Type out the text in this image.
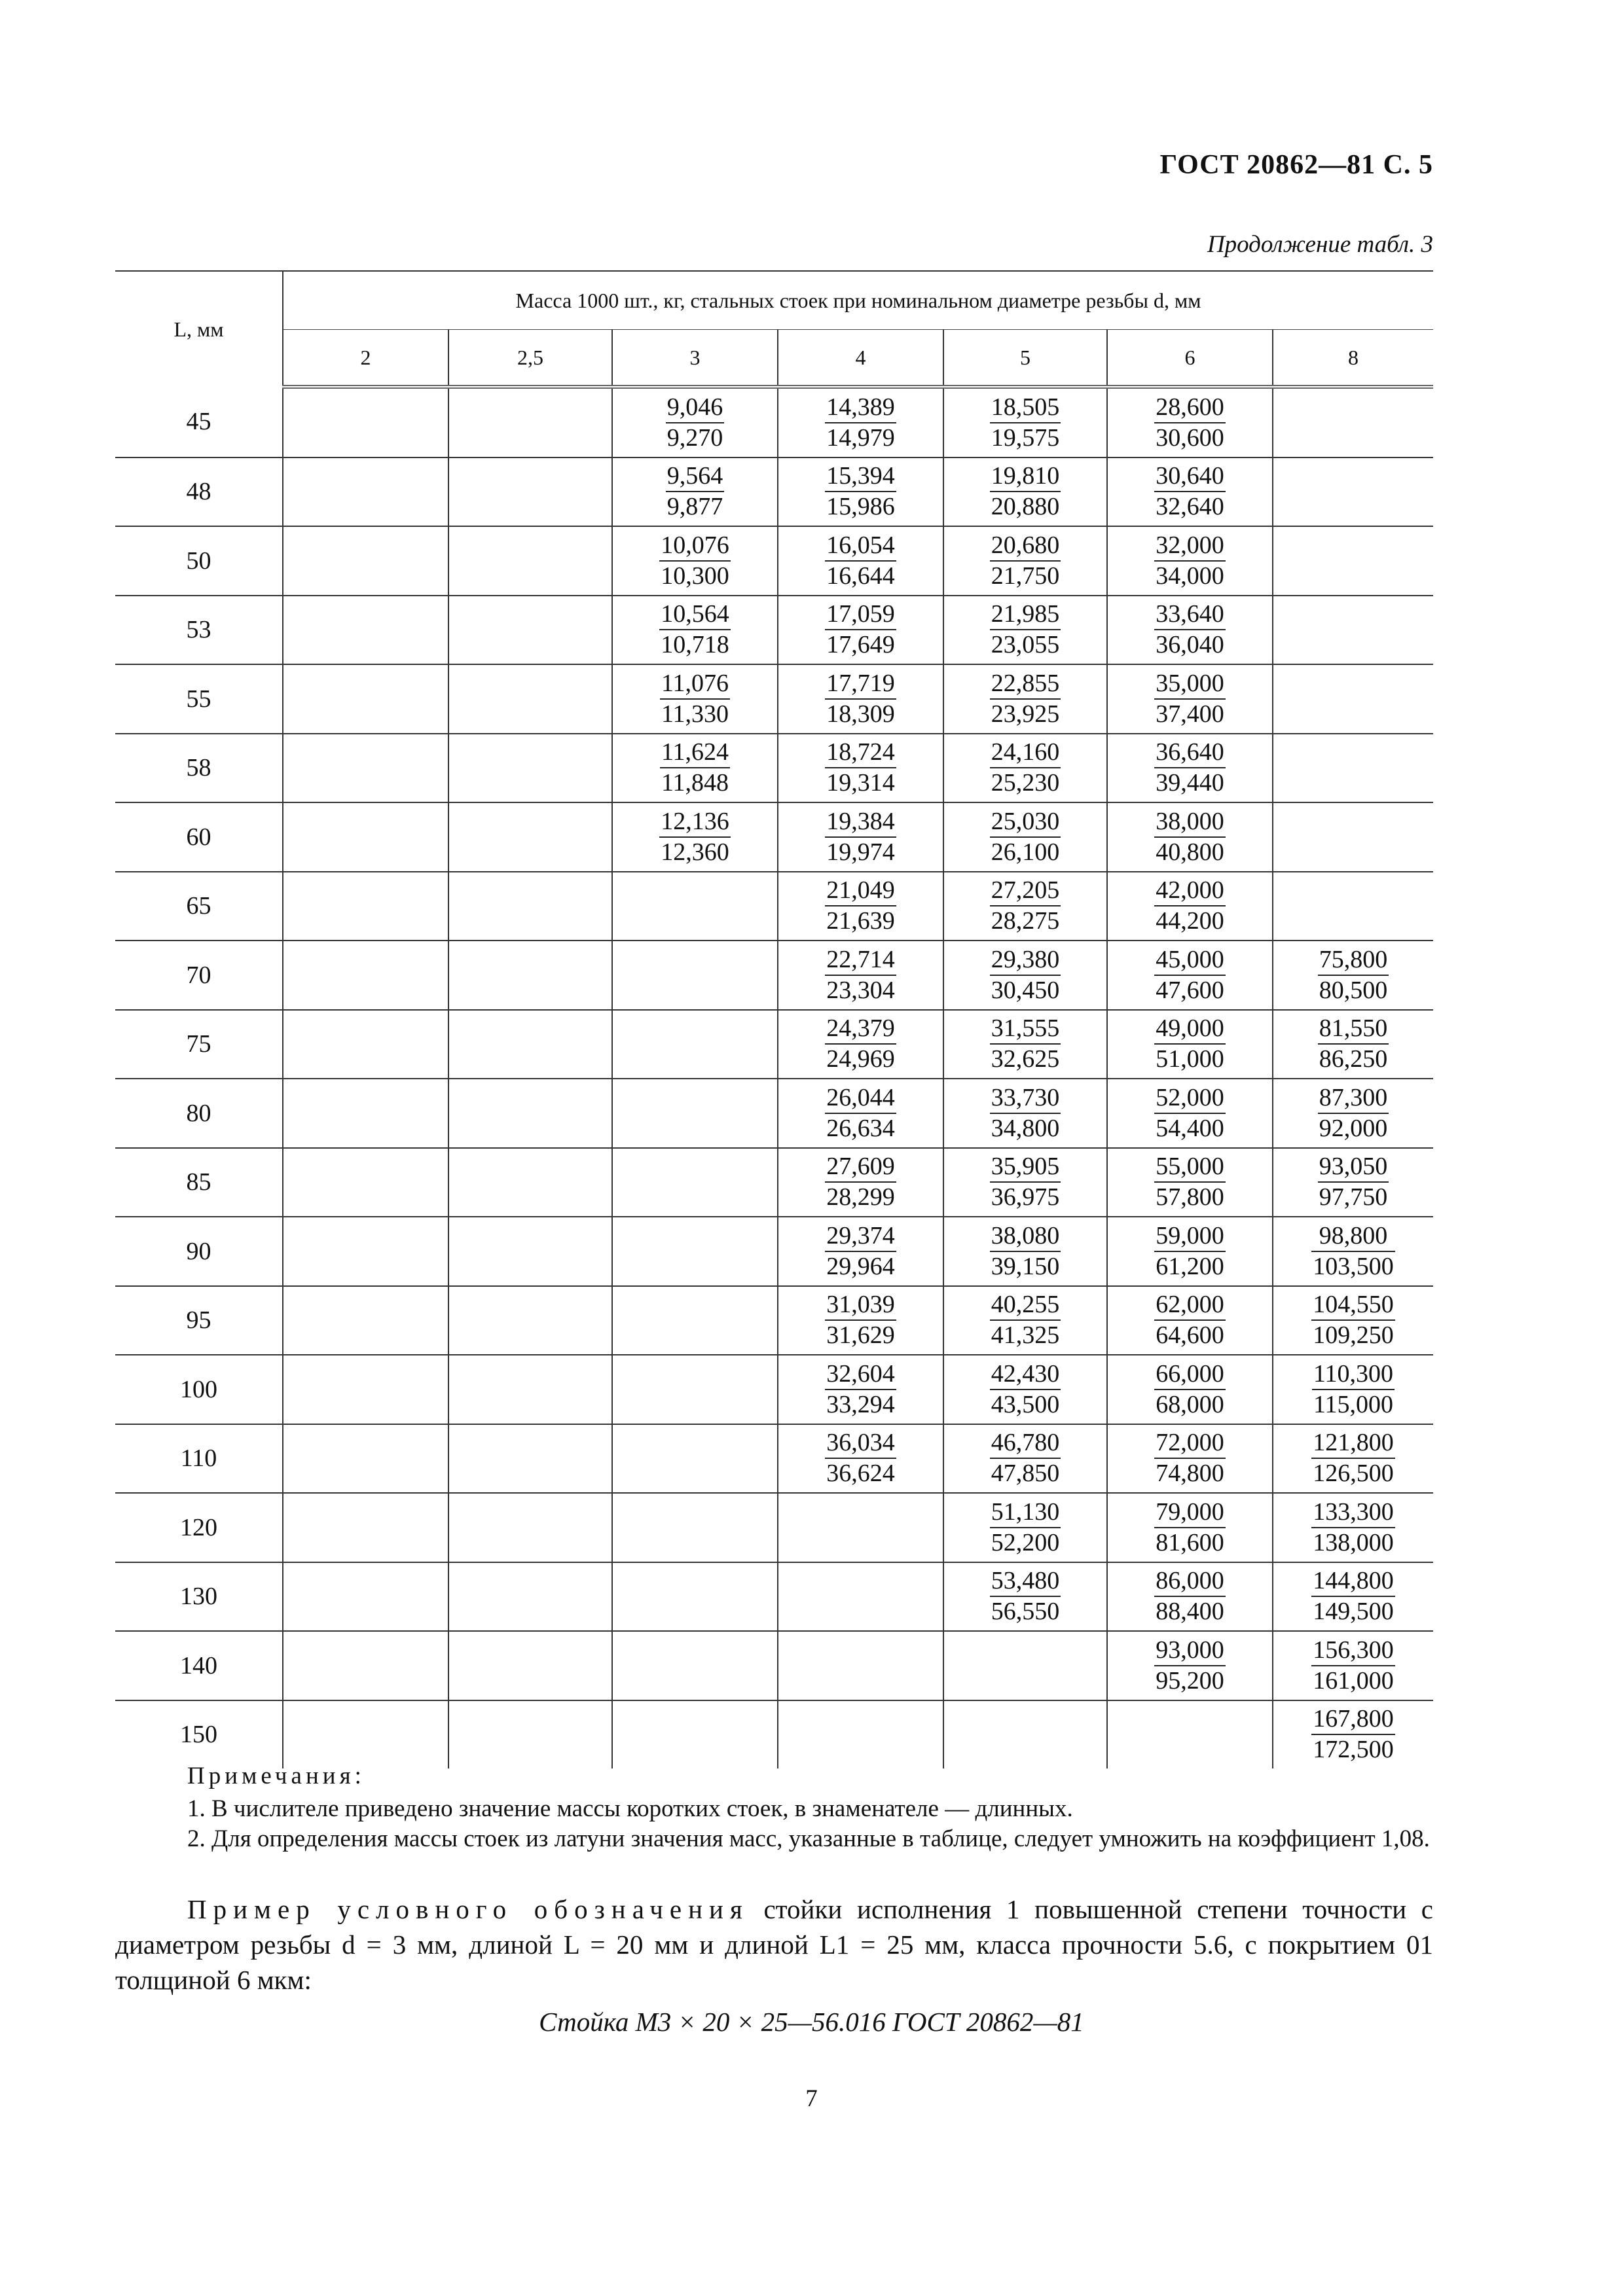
ГОСТ 20862—81 С. 5
Продолжение табл. 3
L, мм	Масса 1000 шт., кг, стальных стоек при номинальном диаметре резьбы d, мм						
	2	2,5	3	4	5	6	8
45			$\frac{9,046}{9,270}$	$\frac{14,389}{14,979}$	$\frac{18,505}{19,575}$	$\frac{28,600}{30,600}$

48			$\frac{9,564}{9,877}$	$\frac{15,394}{15,986}$	$\frac{19,810}{20,880}$	$\frac{30,640}{32,640}$

50			$\frac{10,076}{10,300}$	$\frac{16,054}{16,644}$	$\frac{20,680}{21,750}$	$\frac{32,000}{34,000}$

53			$\frac{10,564}{10,718}$	$\frac{17,059}{17,649}$	$\frac{21,985}{23,055}$	$\frac{33,640}{36,040}$

55			$\frac{11,076}{11,330}$	$\frac{17,719}{18,309}$	$\frac{22,855}{23,925}$	$\frac{35,000}{37,400}$

58			$\frac{11,624}{11,848}$	$\frac{18,724}{19,314}$	$\frac{24,160}{25,230}$	$\frac{36,640}{39,440}$

60			$\frac{12,136}{12,360}$	$\frac{19,384}{19,974}$	$\frac{25,030}{26,100}$	$\frac{38,000}{40,800}$

65				$\frac{21,049}{21,639}$	$\frac{27,205}{28,275}$	$\frac{42,000}{44,200}$

70				$\frac{22,714}{23,304}$	$\frac{29,380}{30,450}$	$\frac{45,000}{47,600}$	$\frac{75,800}{80,500}$

75				$\frac{24,379}{24,969}$	$\frac{31,555}{32,625}$	$\frac{49,000}{51,000}$	$\frac{81,550}{86,250}$

80				$\frac{26,044}{26,634}$	$\frac{33,730}{34,800}$	$\frac{52,000}{54,400}$	$\frac{87,300}{92,000}$

85				$\frac{27,609}{28,299}$	$\frac{35,905}{36,975}$	$\frac{55,000}{57,800}$	$\frac{93,050}{97,750}$

90				$\frac{29,374}{29,964}$	$\frac{38,080}{39,150}$	$\frac{59,000}{61,200}$	$\frac{98,800}{103,500}$

95				$\frac{31,039}{31,629}$	$\frac{40,255}{41,325}$	$\frac{62,000}{64,600}$	$\frac{104,550}{109,250}$

100				$\frac{32,604}{33,294}$	$\frac{42,430}{43,500}$	$\frac{66,000}{68,000}$	$\frac{110,300}{115,000}$

110				$\frac{36,034}{36,624}$	$\frac{46,780}{47,850}$	$\frac{72,000}{74,800}$	$\frac{121,800}{126,500}$

120					$\frac{51,130}{52,200}$	$\frac{79,000}{81,600}$	$\frac{133,300}{138,000}$

130					$\frac{53,480}{56,550}$	$\frac{86,000}{88,400}$	$\frac{144,800}{149,500}$

140						$\frac{93,000}{95,200}$	$\frac{156,300}{161,000}$

150							$\frac{167,800}{172,500}$
Примечания:
1. В числителе приведено значение массы коротких стоек, в знаменателе — длинных.
2. Для определения массы стоек из латуни значения масс, указанные в таблице, следует умножить на коэффициент 1,08.
Пример условного обозначения стойки исполнения 1 повышенной степени точности с диаметром резьбы d = 3 мм, длиной L = 20 мм и длиной L1 = 25 мм, класса прочности 5.6, с покрытием 01 толщиной 6 мкм:
Стойка М3 × 20 × 25—56.016 ГОСТ 20862—81
7
